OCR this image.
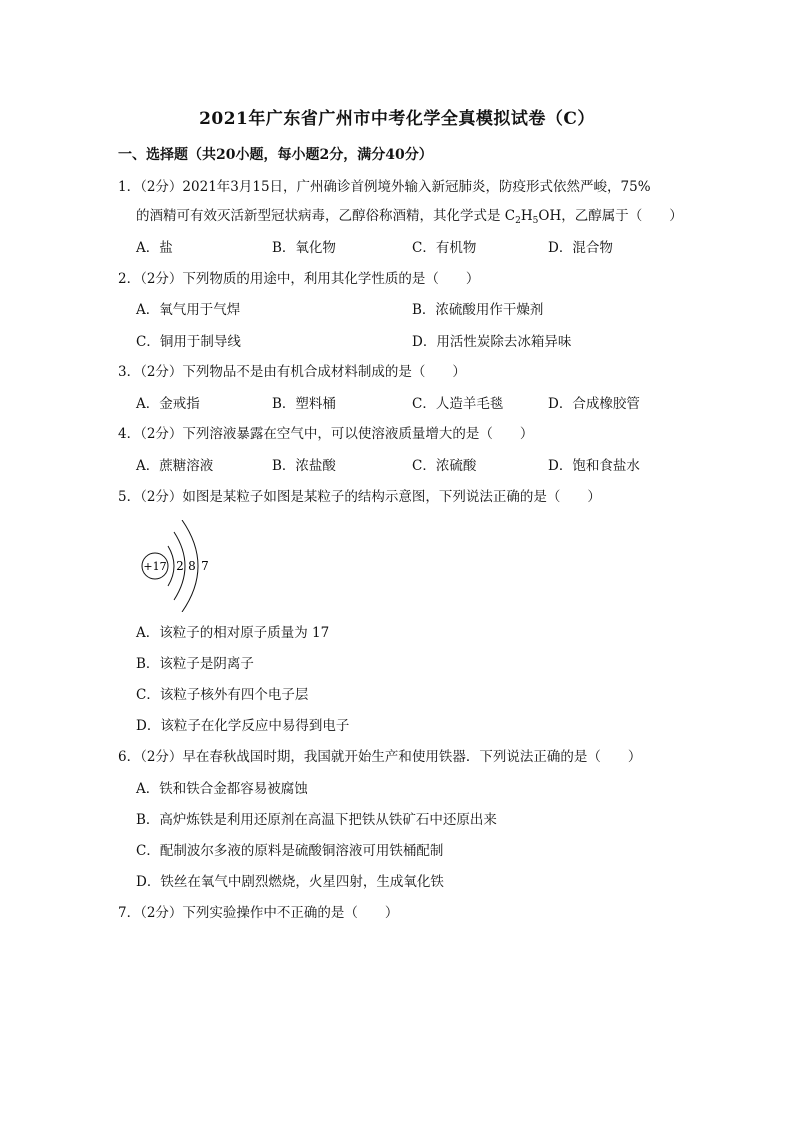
2021年广东省广州市中考化学全真模拟试卷（C）
一、选择题（共20小题，每小题2分，满分40分）
1．（2分）2021年3月15日，广州确诊首例境外输入新冠肺炎，防疫形式依然严峻，75%
的酒精可有效灭活新型冠状病毒，乙醇俗称酒精，其化学式是 $C_2H_5OH$，乙醇属于（　　）
A．盐	B．氧化物	C．有机物	D．混合物
2．（2分）下列物质的用途中，利用其化学性质的是（　　）
A．氧气用于气焊	B．浓硫酸用作干燥剂
C．铜用于制导线	D．用活性炭除去冰箱异味
3．（2分）下列物品不是由有机合成材料制成的是（　　）
A．金戒指	B．塑料桶	C．人造羊毛毯	D．合成橡胶管
4．（2分）下列溶液暴露在空气中，可以使溶液质量增大的是（　　）
A．蔗糖溶液	B．浓盐酸	C．浓硫酸	D．饱和食盐水
5．（2分）如图是某粒子如图是某粒子的结构示意图，下列说法正确的是（　　）
+17 2 8 7
A．该粒子的相对原子质量为 17
B．该粒子是阴离子
C．该粒子核外有四个电子层
D．该粒子在化学反应中易得到电子
6．（2分）早在春秋战国时期，我国就开始生产和使用铁器．下列说法正确的是（　　）
A．铁和铁合金都容易被腐蚀
B．高炉炼铁是利用还原剂在高温下把铁从铁矿石中还原出来
C．配制波尔多液的原料是硫酸铜溶液可用铁桶配制
D．铁丝在氧气中剧烈燃烧，火星四射，生成氧化铁
7．（2分）下列实验操作中不正确的是（　　）
